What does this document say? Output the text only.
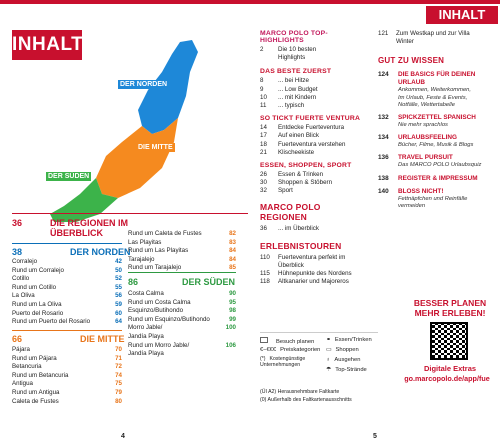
INHALT
INHALT
DER NORDEN
DIE MITTE
DER SÜDEN
36	DIE REGIONEN IM ÜBERBLICK
38	DER NORDEN
Corralejo	42
Rund um Corralejo	50
Cotillo	52
Rund um Cotillo	55
La Oliva	56
Rund um La Oliva	59
Puerto del Rosario	60
Rund um Puerto del Rosario	64
66	DIE MITTE
Pájara	70
Rund um Pájara	71
Betancuria	72
Rund um Betancuria	74
Antigua	75
Rund um Antigua	79
Caleta de Fustes	80
Rund um Caleta de Fustes	82
Las Playitas	83
Rund um Las Playitas	84
Tarajalejo	84
Rund um Tarajalejo	85
86	DER SÜDEN
Costa Calma	90
Rund um Costa Calma	95
Esquinzo/Butihondo	98
Rund um Esquinzo/Butihondo	99
Morro Jable/	100
Jandía Playa
Rund um Morro Jable/	106
Jandía Playa
4
MARCO POLO TOP-HIGHLIGHTS
2 Die 10 besten
Highlights
DAS BESTE ZUERST
8 ... bei Hitze
9 ... Low Budget
10 ... mit Kindern
11 ... typisch
SO TICKT FUERTE VENTURA
14 Entdecke Fuerteventura
17 Auf einen Blick
18 Fuerteventura verstehen
21 Klischeekiste
ESSEN, SHOPPEN, SPORT
26 Essen & Trinken
30 Shoppen & Stöbern
32 Sport
MARCO POLO REGIONEN
36 ... im Überblick
ERLEBNISTOUREN
110 Fuerteventura perfekt im
Überblick
115 Hühnepunkte des Nordens
118 Altkanarier und Majoreros
121 Zum Westkap und zur Villa
Winter
GUT ZU WISSEN
124	DIE BASICS FÜR DEINEN
URLAUB
Ankommen, Weiterkommen,
Im Urlaub, Feste & Events,
Notfälle, Wettertabelle
132	SPICKZETTEL SPANISCH
Nie mehr sprachlos
134	URLAUBSFEELING
Bücher, Filme, Musik & Blogs
136	TRAVEL PURSUIT
Das MARCO POLO Urlaubsquiz
138	REGISTER & IMPRESSUM
140	BLOSS NICHT!
Fettnäpfchen und Reinfälle
vermeiden
Besuch planen ⚭ Essen/Trinken
€–€€€ Preiskategorien ▭ Shoppen
(*) Kostengünstige Unternehmungen
♁ Ausgehen
☂ Top-Strände
(ÜI A2) Herausnehmbare Faltkarte
(0) Außerhalb des Faltkartenausschnitts
BESSER PLANEN
MEHR ERLEBEN!
Digitale Extras
go.marcopolo.de/app/fue
5
